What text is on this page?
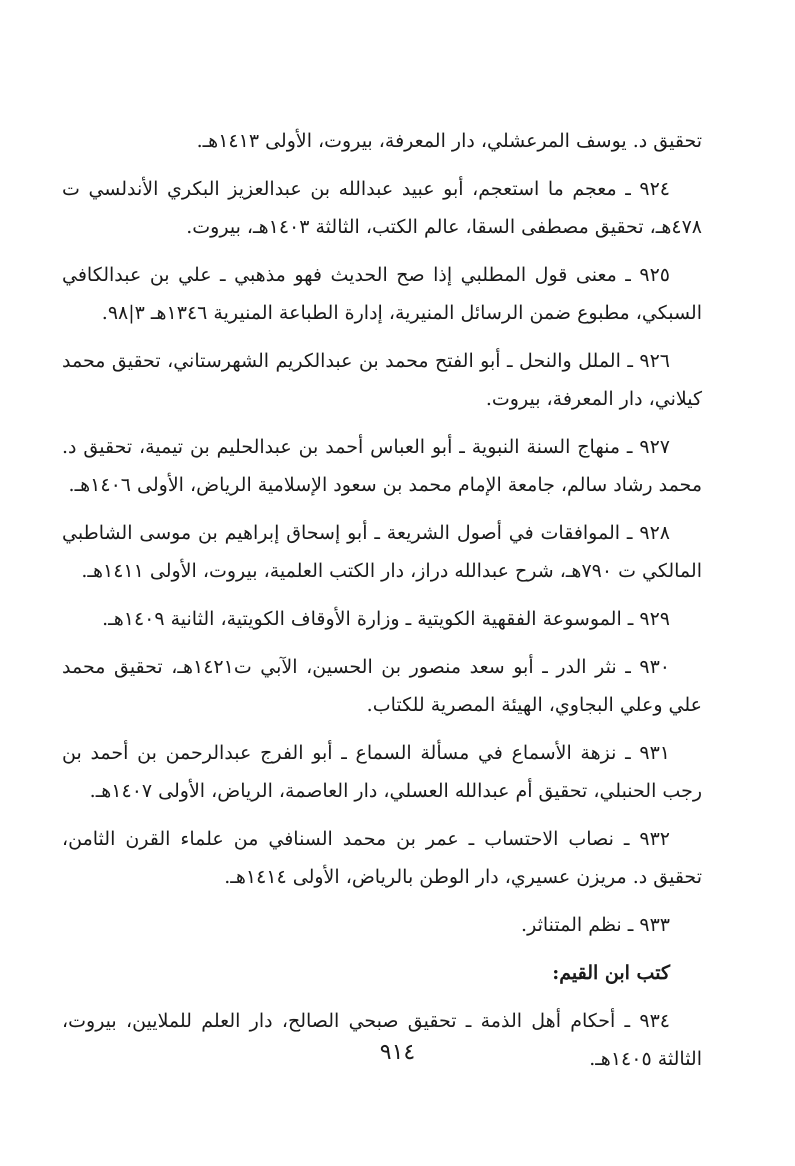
تحقيق د. يوسف المرعشلي، دار المعرفة، بيروت، الأولى ١٤١٣هـ.

٩٢٤ ـ معجم ما استعجم، أبو عبيد عبدالله بن عبدالعزيز البكري الأندلسي ت ٤٧٨هـ، تحقيق مصطفى السقا، عالم الكتب، الثالثة ١٤٠٣هـ، بيروت.

٩٢٥ ـ معنى قول المطلبي إذا صح الحديث فهو مذهبي ـ علي بن عبدالكافي السبكي، مطبوع ضمن الرسائل المنيرية، إدارة الطباعة المنيرية ١٣٤٦هـ ٣|٩٨.

٩٢٦ ـ الملل والنحل ـ أبو الفتح محمد بن عبدالكريم الشهرستاني، تحقيق محمد كيلاني، دار المعرفة، بيروت.

٩٢٧ ـ منهاج السنة النبوية ـ أبو العباس أحمد بن عبدالحليم بن تيمية، تحقيق د. محمد رشاد سالم، جامعة الإمام محمد بن سعود الإسلامية الرياض، الأولى ١٤٠٦هـ.

٩٢٨ ـ الموافقات في أصول الشريعة ـ أبو إسحاق إبراهيم بن موسى الشاطبي المالكي ت ٧٩٠هـ، شرح عبدالله دراز، دار الكتب العلمية، بيروت، الأولى ١٤١١هـ.

٩٢٩ ـ الموسوعة الفقهية الكويتية ـ وزارة الأوقاف الكويتية، الثانية ١٤٠٩هـ.

٩٣٠ ـ نثر الدر ـ أبو سعد منصور بن الحسين، الآبي ت١٤٢١هـ، تحقيق محمد علي وعلي البجاوي، الهيئة المصرية للكتاب.

٩٣١ ـ نزهة الأسماع في مسألة السماع ـ أبو الفرج عبدالرحمن بن أحمد بن رجب الحنبلي، تحقيق أم عبدالله العسلي، دار العاصمة، الرياض، الأولى ١٤٠٧هـ.

٩٣٢ ـ نصاب الاحتساب ـ عمر بن محمد السنافي من علماء القرن الثامن، تحقيق د. مريزن عسيري، دار الوطن بالرياض، الأولى ١٤١٤هـ.

٩٣٣ ـ نظم المتناثر.

كتب ابن القيم:

٩٣٤ ـ أحكام أهل الذمة ـ تحقيق صبحي الصالح، دار العلم للملايين، بيروت، الثالثة ١٤٠٥هـ.

٩١٤
